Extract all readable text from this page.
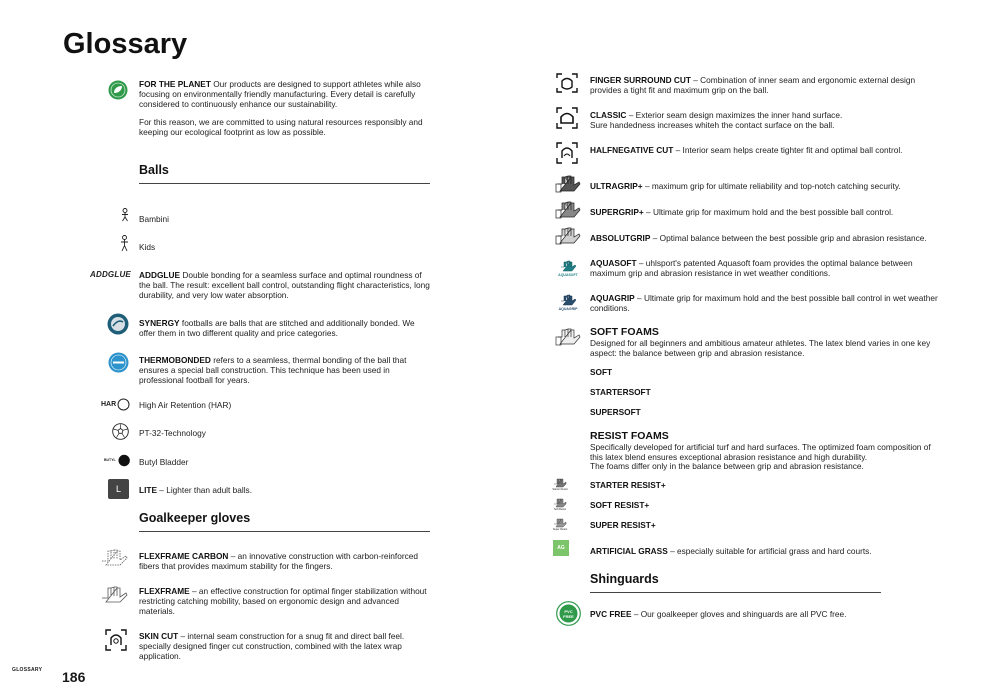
Glossary
FOR THE PLANET Our products are designed to support athletes while also focusing on environmentally friendly manufacturing. Every detail is carefully considered to continuously enhance our sustainability.
For this reason, we are committed to using natural resources responsibly and keeping our ecological footprint as low as possible.
Balls
Bambini
Kids
ADDGLUE ADDGLUE Double bonding for a seamless surface and optimal roundness of the ball. The result: excellent ball control, outstanding flight characteristics, long durability, and very low water absorption.
SYNERGY footballs are balls that are stitched and additionally bonded. We offer them in two different quality and price categories.
THERMOBONDED refers to a seamless, thermal bonding of the ball that ensures a special ball construction. This technique has been used in professional football for years.
HAR	High Air Retention (HAR)
PT-32-Technology
BUTYL	Butyl Bladder
L LITE – Lighter than adult balls.
Goalkeeper gloves
FLEXFRAME CARBON – an innovative construction with carbon-reinforced fibers that provides maximum stability for the fingers.
FLEXFRAME – an effective construction for optimal finger stabilization without restricting catching mobility, based on ergonomic design and advanced materials.
SKIN CUT – internal seam construction for a snug fit and direct ball feel. specially designed finger cut construction, combined with the latex wrap application.
FINGER SURROUND CUT – Combination of inner seam and ergonomic external design provides a tight fit and maximum grip on the ball.
CLASSIC – Exterior seam design maximizes the inner hand surface.
Sure handedness increases whiteh the contact surface on the ball.
HALFNEGATIVE CUT – Interior seam helps create tighter fit and optimal ball control.
ULTRAGRIP+ – maximum grip for ultimate reliability and top-notch catching security.
SUPERGRIP+ – Ultimate grip for maximum hold and the best possible ball control.
ABSOLUTGRIP – Optimal balance between the best possible grip and abrasion resistance.
AQUASOFT
AQUASOFT – uhlsport's patented Aquasoft foam provides the optimal balance between maximum grip and abrasion resistance in wet weather conditions.
AQUAGRIP
AQUAGRIP – Ultimate grip for maximum hold and the best possible ball control in wet weather conditions.
SOFT FOAMS
Designed for all beginners and ambitious amateur athletes. The latex blend varies in one key aspect: the balance between grip and abrasion resistance.
SOFT
STARTERSOFT
SUPERSOFT
RESIST FOAMS
Specifically developed for artificial turf and hard surfaces. The optimized foam composition of this latex blend ensures exceptional abrasion resistance and high durability.
The foams differ only in the balance between grip and abrasion resistance.
Starter Resist	STARTER RESIST+
Soft Resist	SOFT RESIST+
Super Resist	SUPER RESIST+
AG	ARTIFICIAL GRASS – especially suitable for artificial grass and hard courts.
Shinguards
PVC FREE PVC FREE – Our goalkeeper gloves and shinguards are all PVC free.
GLOSSARY 186
